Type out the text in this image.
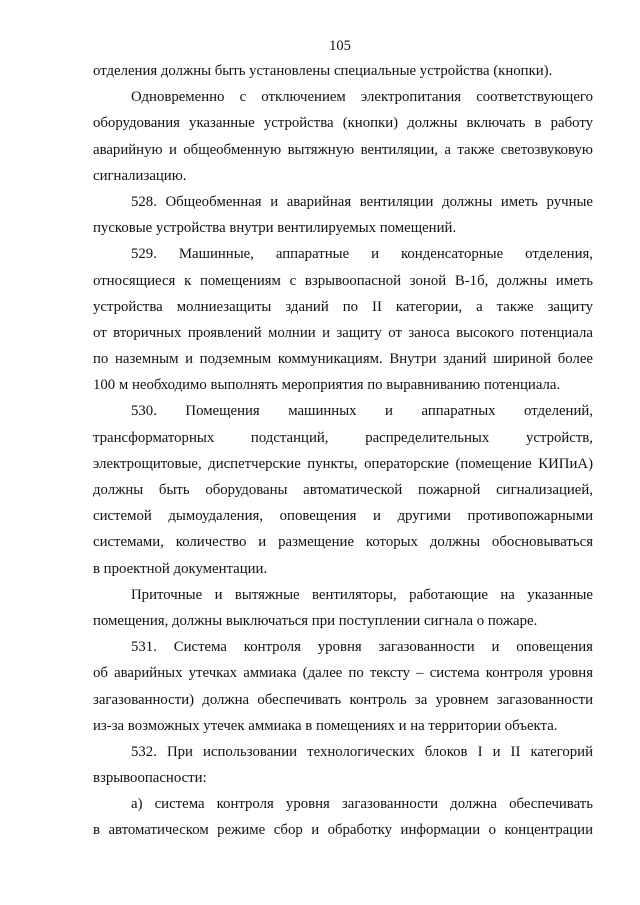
105
отделения должны быть установлены специальные устройства (кнопки).
Одновременно с отключением электропитания соответствующего
оборудования указанные устройства (кнопки) должны включать в работу
аварийную и общеобменную вытяжную вентиляции, а также светозвуковую
сигнализацию.
528. Общеобменная и аварийная вентиляции должны иметь ручные
пусковые устройства внутри вентилируемых помещений.
529. Машинные, аппаратные и конденсаторные отделения,
относящиеся к помещениям с взрывоопасной зоной В-1б, должны иметь
устройства молниезащиты зданий по II категории, а также защиту
от вторичных проявлений молнии и защиту от заноса высокого потенциала
по наземным и подземным коммуникациям. Внутри зданий шириной более
100 м необходимо выполнять мероприятия по выравниванию потенциала.
530. Помещения машинных и аппаратных отделений,
трансформаторных подстанций, распределительных устройств,
электрощитовые, диспетчерские пункты, операторские (помещение КИПиА)
должны быть оборудованы автоматической пожарной сигнализацией,
системой дымоудаления, оповещения и другими противопожарными
системами, количество и размещение которых должны обосновываться
в проектной документации.
Приточные и вытяжные вентиляторы, работающие на указанные
помещения, должны выключаться при поступлении сигнала о пожаре.
531. Система контроля уровня загазованности и оповещения
об аварийных утечках аммиака (далее по тексту – система контроля уровня
загазованности) должна обеспечивать контроль за уровнем загазованности
из-за возможных утечек аммиака в помещениях и на территории объекта.
532. При использовании технологических блоков I и II категорий
взрывоопасности:
а) система контроля уровня загазованности должна обеспечивать
в автоматическом режиме сбор и обработку информации о концентрации
